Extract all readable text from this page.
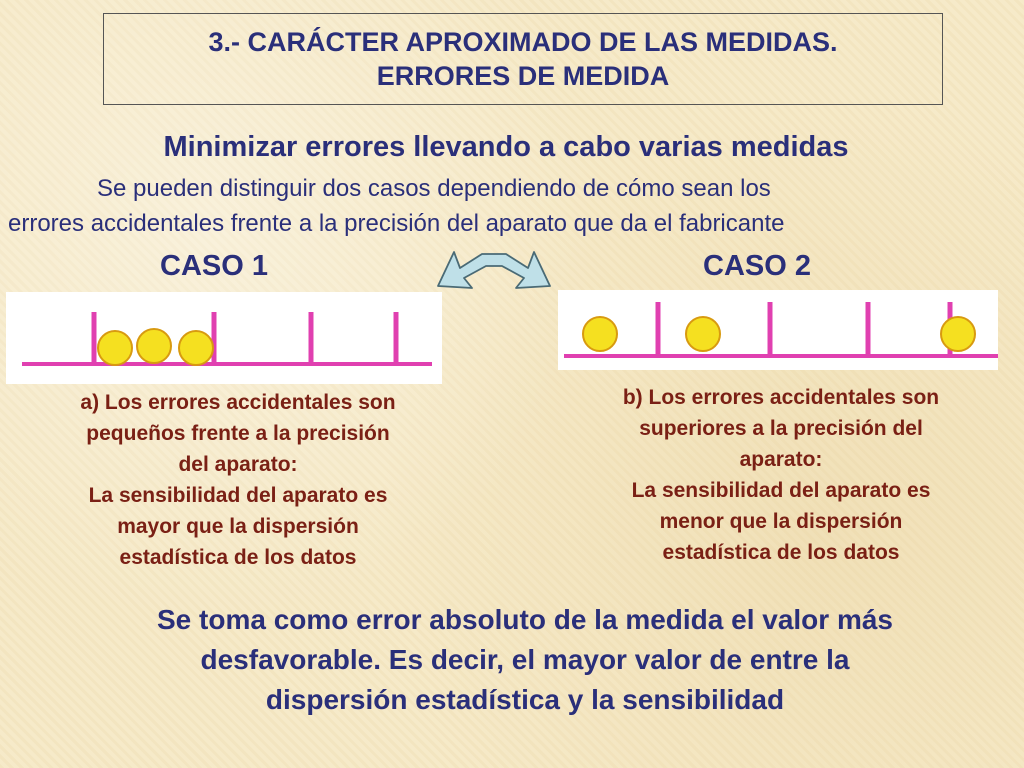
3.- CARÁCTER APROXIMADO DE LAS MEDIDAS.
ERRORES DE MEDIDA
Minimizar errores llevando a cabo varias medidas
Se pueden distinguir dos casos dependiendo de cómo sean los
errores accidentales frente a la precisión del aparato que da el fabricante
CASO 1	CASO 2
a) Los errores accidentales son
pequeños frente a la precisión
del aparato:
La sensibilidad del aparato es
mayor que la dispersión
estadística de los datos
b) Los errores accidentales son
superiores a la precisión del
aparato:
La sensibilidad del aparato es
menor que la dispersión
estadística de los datos
Se toma como error absoluto de la medida el valor más
desfavorable. Es decir, el mayor valor de entre la
dispersión estadística y la sensibilidad
